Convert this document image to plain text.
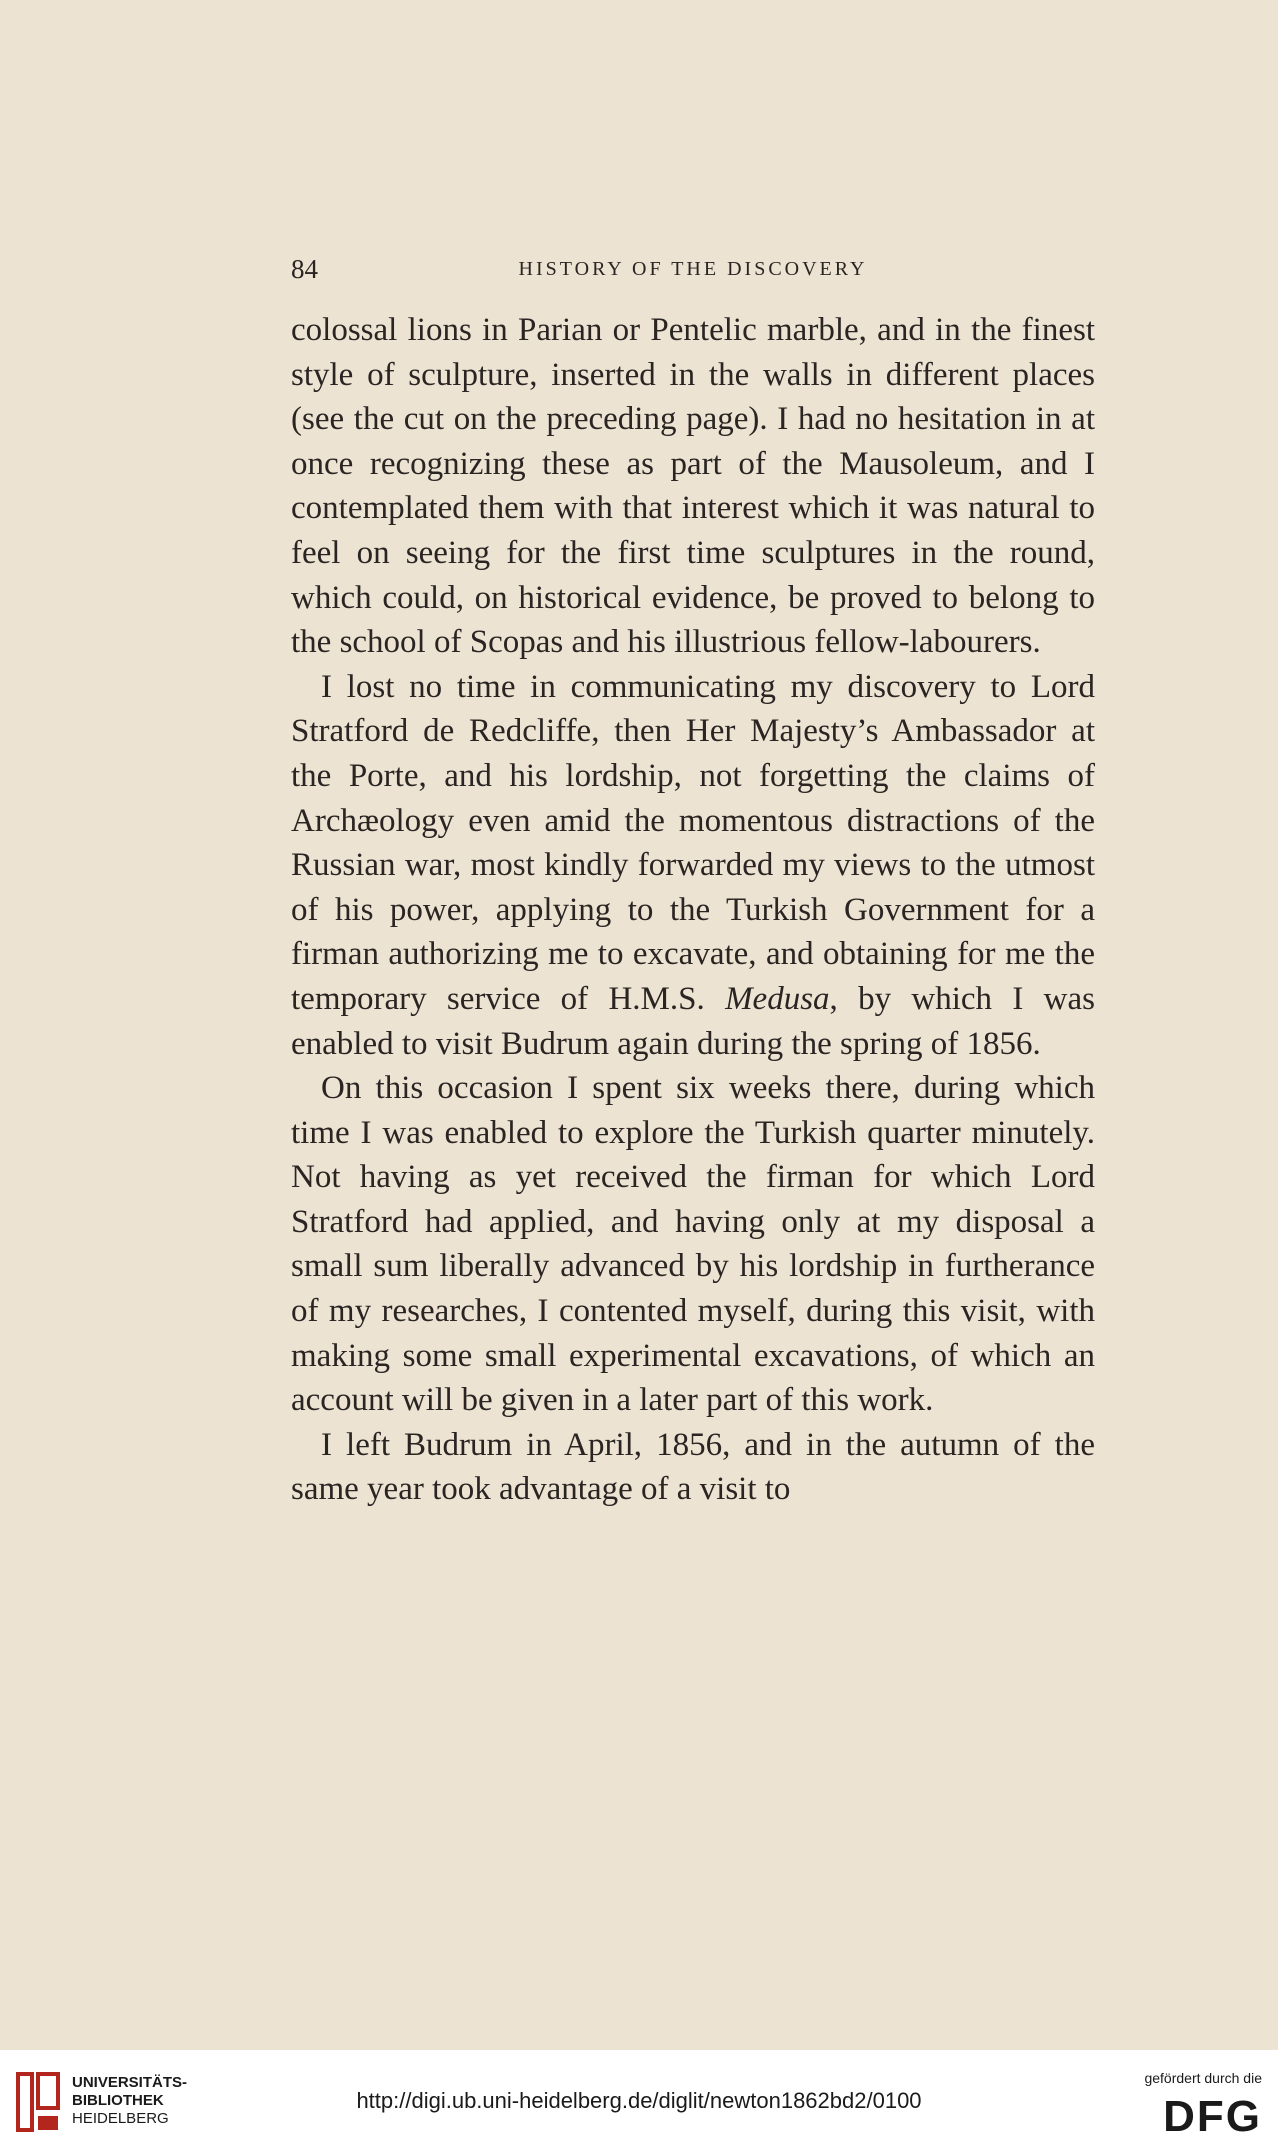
84	HISTORY OF THE DISCOVERY

colossal lions in Parian or Pentelic marble, and in the finest style of sculpture, inserted in the walls in different places (see the cut on the preceding page). I had no hesitation in at once recognizing these as part of the Mausoleum, and I contemplated them with that interest which it was natural to feel on seeing for the first time sculptures in the round, which could, on historical evidence, be proved to belong to the school of Scopas and his illustrious fellow-labourers.

I lost no time in communicating my discovery to Lord Stratford de Redcliffe, then Her Majesty’s Ambassador at the Porte, and his lordship, not forgetting the claims of Archæology even amid the momentous distractions of the Russian war, most kindly forwarded my views to the utmost of his power, applying to the Turkish Government for a firman authorizing me to excavate, and obtaining for me the temporary service of H.M.S. Medusa, by which I was enabled to visit Budrum again during the spring of 1856.

On this occasion I spent six weeks there, during which time I was enabled to explore the Turkish quarter minutely. Not having as yet received the firman for which Lord Stratford had applied, and having only at my disposal a small sum liberally advanced by his lordship in furtherance of my researches, I contented myself, during this visit, with making some small experimental excavations, of which an account will be given in a later part of this work.

I left Budrum in April, 1856, and in the autumn of the same year took advantage of a visit to

UNIVERSITÄTS-
BIBLIOTHEK
HEIDELBERG
http://digi.ub.uni-heidelberg.de/diglit/newton1862bd2/0100
gefördert durch die
DFG
